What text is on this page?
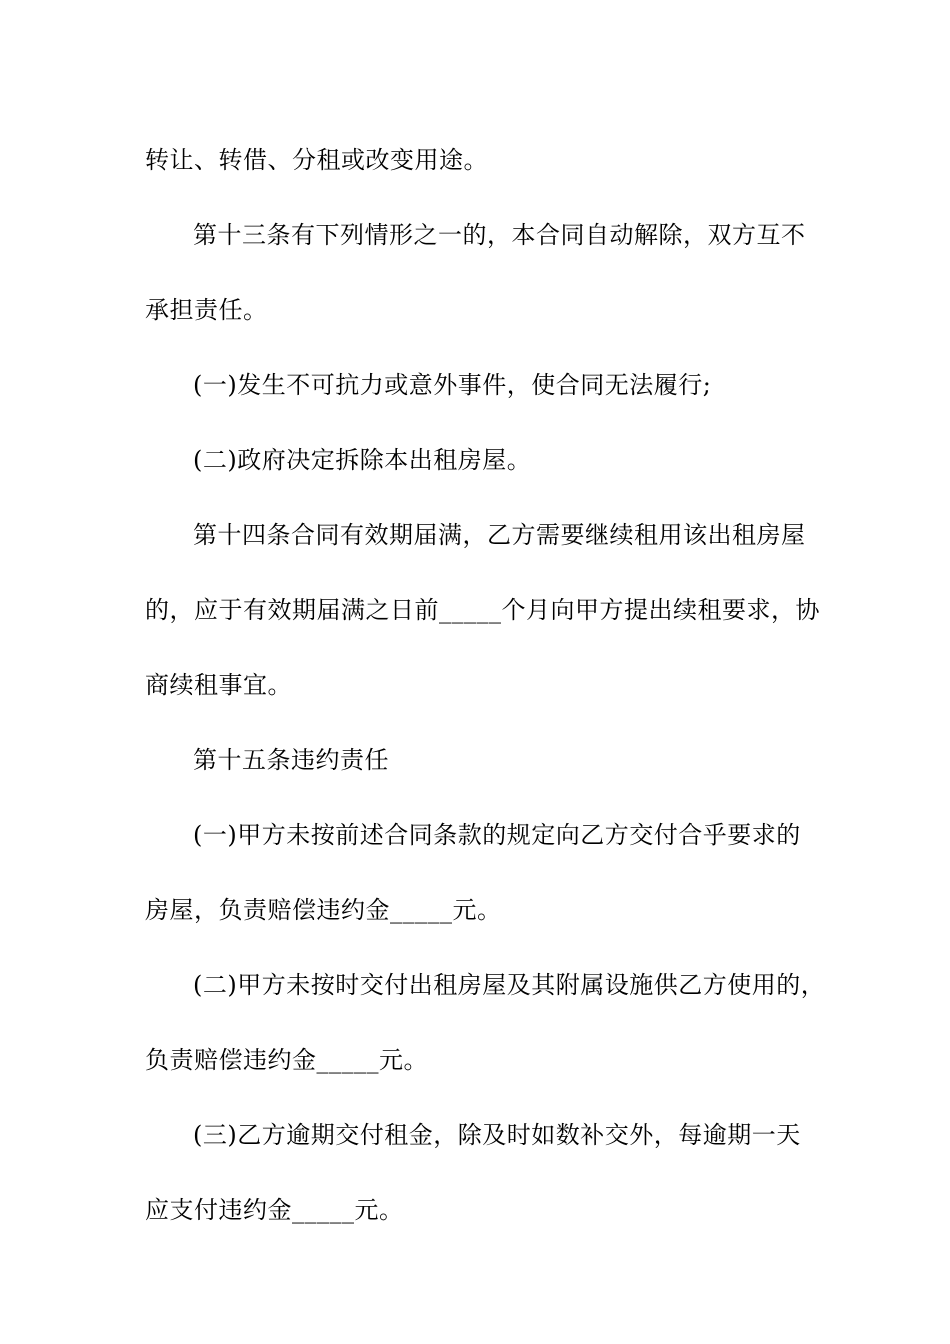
转让、转借、分租或改变用途。
第十三条有下列情形之一的，本合同自动解除，双方互不
承担责任。
(一)发生不可抗力或意外事件，使合同无法履行;
(二)政府决定拆除本出租房屋。
第十四条合同有效期届满，乙方需要继续租用该出租房屋
的，应于有效期届满之日前_____个月向甲方提出续租要求，协
商续租事宜。
第十五条违约责任
(一)甲方未按前述合同条款的规定向乙方交付合乎要求的
房屋，负责赔偿违约金_____元。
(二)甲方未按时交付出租房屋及其附属设施供乙方使用的，
负责赔偿违约金_____元。
(三)乙方逾期交付租金，除及时如数补交外，每逾期一天
应支付违约金_____元。
